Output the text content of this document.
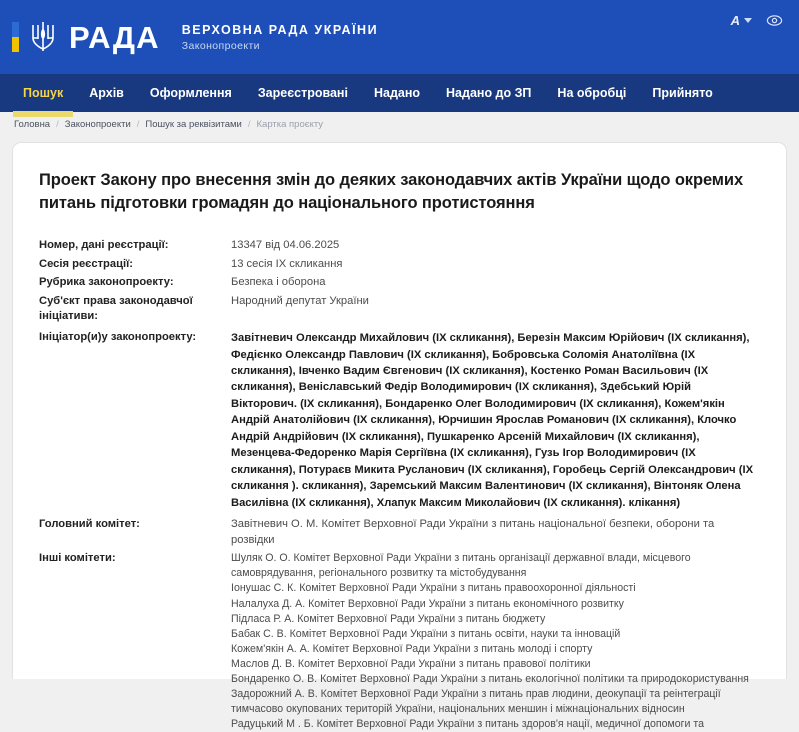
РАДА ВЕРХОВНА РАДА УКРАЇНИ
Законопроекти
A
Пошук	Архів	Оформлення	Зареєстровані	Надано	Надано до ЗП	На обробці	Прийнято
Головна / Законопроекти / Пошук за реквізитами / Картка проєкту
Проект Закону про внесення змін до деяких законодавчих актів України щодо окремих питань підготовки громадян до національного протистояння
Номер, дані реєстрації:	13347 від 04.06.2025
Сесія реєстрації:	13 сесія IX скликання
Рубрика законопроекту:	Безпека і оборона
Суб'єкт права законодавчої ініціативи:
Народний депутат України
Ініціатор(и)у законопроекту:	Завітневич Олександр Михайлович (IX скликання), Березін Максим Юрійович (IX скликання), Федієнко Олександр Павлович (IX скликання), Бобровська Соломія Анатоліївна (IX скликання), Івченко Вадим Євгенович (IX скликання), Костенко Роман Васильович (IX скликання), Веніславський Федір Володимирович (IX скликання), Здебський Юрій Вікторович. (IX скликання), Бондаренко Олег Володимирович (IX скликання), Кожем'якін Андрій Анатолійович (IX скликання), Юрчишин Ярослав Романович (IX скликання), Клочко Андрій Андрійович (IX скликання), Пушкаренко Арсеній Михайлович (IX скликання), Мезенцева-Федоренко Марія Сергіївна (IX скликання), Гузь Ігор Володимирович (IX скликання), Потураєв Микита Русланович (IX скликання), Горобець Сергій Олександрович (IX скликання ). скликання), Заремський Максим Валентинович (IX скликання), Вінтоняк Олена Василівна (IX скликання), Хлапук Максим Миколайович (IX скликання). клікання)
Головний комітет:	Завітневич О. М. Комітет Верховної Ради України з питань національної безпеки, оборони та розвідки
Інші комітети:	Шуляк О. О. Комітет Верховної Ради України з питань організації державної влади, місцевого самоврядування, регіонального розвитку та містобудування
Іонушас С. К. Комітет Верховної Ради України з питань правоохоронної діяльності
Налалуха Д. А. Комітет Верховної Ради України з питань економічного розвитку
Підласа Р. А. Комітет Верховної Ради України з питань бюджету
Бабак С. В. Комітет Верховної Ради України з питань освіти, науки та інновацій
Кожем'якін А. А. Комітет Верховної Ради України з питань молоді і спорту
Маслов Д. В. Комітет Верховної Ради України з питань правової політики
Бондаренко О. В. Комітет Верховної Ради України з питань екологічної політики та природокористування
Задорожний А. В. Комітет Верховної Ради України з питань прав людини, деокупації та реінтеграції тимчасово окупованих територій України, національних меншин і міжнаціональних відносин
Радуцький М . Б. Комітет Верховної Ради України з питань здоров'я нації, медичної допомоги та
